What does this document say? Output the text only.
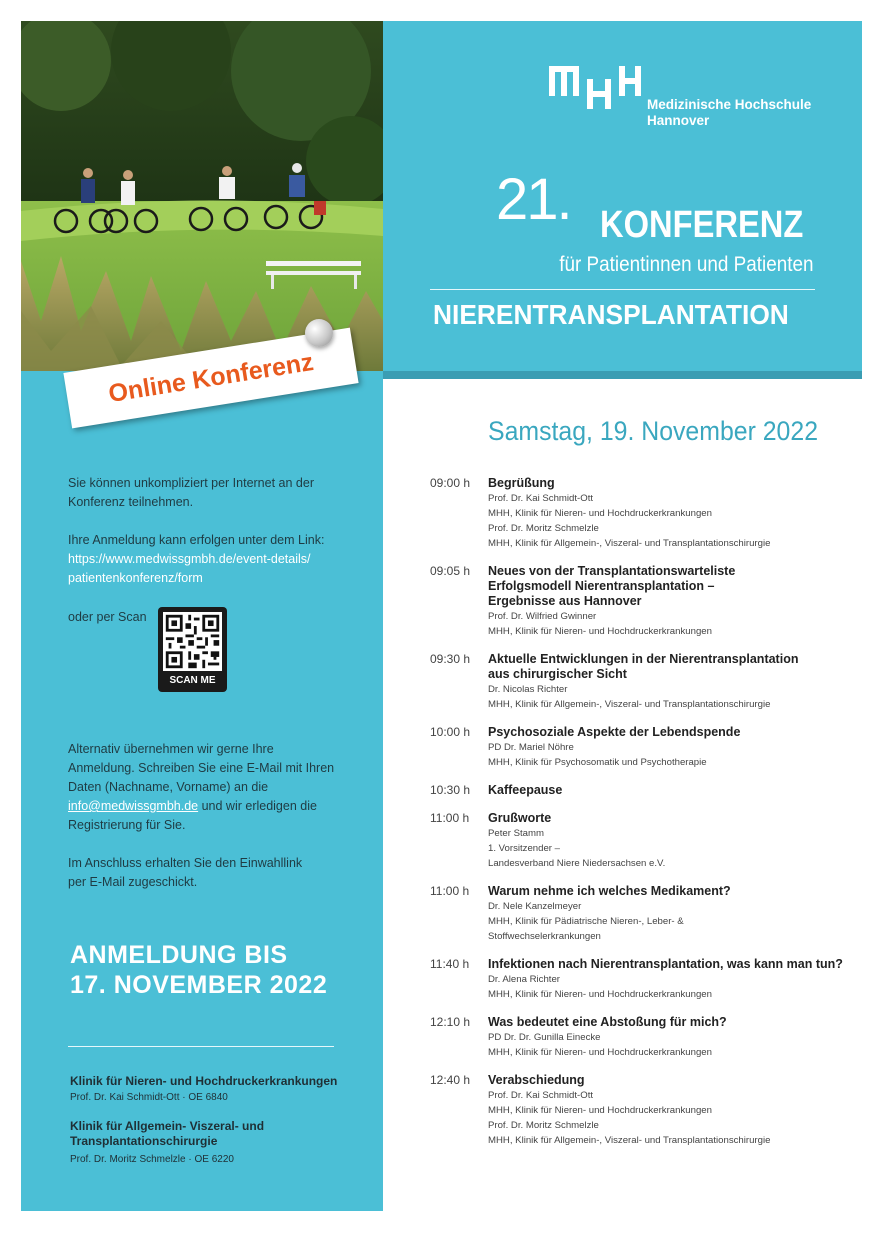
Medizinische Hochschule
Hannover
21. KONFERENZ
für Patientinnen und Patienten
NIERENTRANSPLANTATION
Online Konferenz
Sie können unkompliziert per Internet an der Konferenz teilnehmen.
Ihre Anmeldung kann erfolgen unter dem Link:
https://www.medwissgmbh.de/event-details/ patientenkonferenz/form
oder per Scan
SCAN ME
Alternativ übernehmen wir gerne Ihre Anmeldung. Schreiben Sie eine E-Mail mit Ihren Daten (Nachname, Vorname) an die info@medwissgmbh.de und wir erledigen die Registrierung für Sie.
Im Anschluss erhalten Sie den Einwahllink per E-Mail zugeschickt.
ANMELDUNG BIS
17. NOVEMBER 2022
Klinik für Nieren- und Hochdruckerkrankungen
Prof. Dr. Kai Schmidt-Ott · OE 6840
Klinik für Allgemein- Viszeral- und
Transplantationschirurgie
Prof. Dr. Moritz Schmelzle · OE 6220
Samstag, 19. November 2022
09:00 h	Begrüßung
Prof. Dr. Kai Schmidt-Ott
MHH, Klinik für Nieren- und Hochdruckerkrankungen
Prof. Dr. Moritz Schmelzle
MHH, Klinik für Allgemein-, Viszeral- und Transplantationschirurgie
09:05 h	Neues von der Transplantationswarteliste
Erfolgsmodell Nierentransplantation –
Ergebnisse aus Hannover
Prof. Dr. Wilfried Gwinner
MHH, Klinik für Nieren- und Hochdruckerkrankungen
09:30 h	Aktuelle Entwicklungen in der Nierentransplantation
aus chirurgischer Sicht
Dr. Nicolas Richter
MHH, Klinik für Allgemein-, Viszeral- und Transplantationschirurgie
10:00 h	Psychosoziale Aspekte der Lebendspende
PD Dr. Mariel Nöhre
MHH, Klinik für Psychosomatik und Psychotherapie
10:30 h	Kaffeepause
11:00 h	Grußworte
Peter Stamm
1. Vorsitzender –
Landesverband Niere Niedersachsen e.V.
11:00 h	Warum nehme ich welches Medikament?
Dr. Nele Kanzelmeyer
MHH, Klinik für Pädiatrische Nieren-, Leber- &
Stoffwechselerkrankungen
11:40 h	Infektionen nach Nierentransplantation, was kann man tun?
Dr. Alena Richter
MHH, Klinik für Nieren- und Hochdruckerkrankungen
12:10 h	Was bedeutet eine Abstoßung für mich?
PD Dr. Dr. Gunilla Einecke
MHH, Klinik für Nieren- und Hochdruckerkrankungen
12:40 h	Verabschiedung
Prof. Dr. Kai Schmidt-Ott
MHH, Klinik für Nieren- und Hochdruckerkrankungen
Prof. Dr. Moritz Schmelzle
MHH, Klinik für Allgemein-, Viszeral- und Transplantationschirurgie
